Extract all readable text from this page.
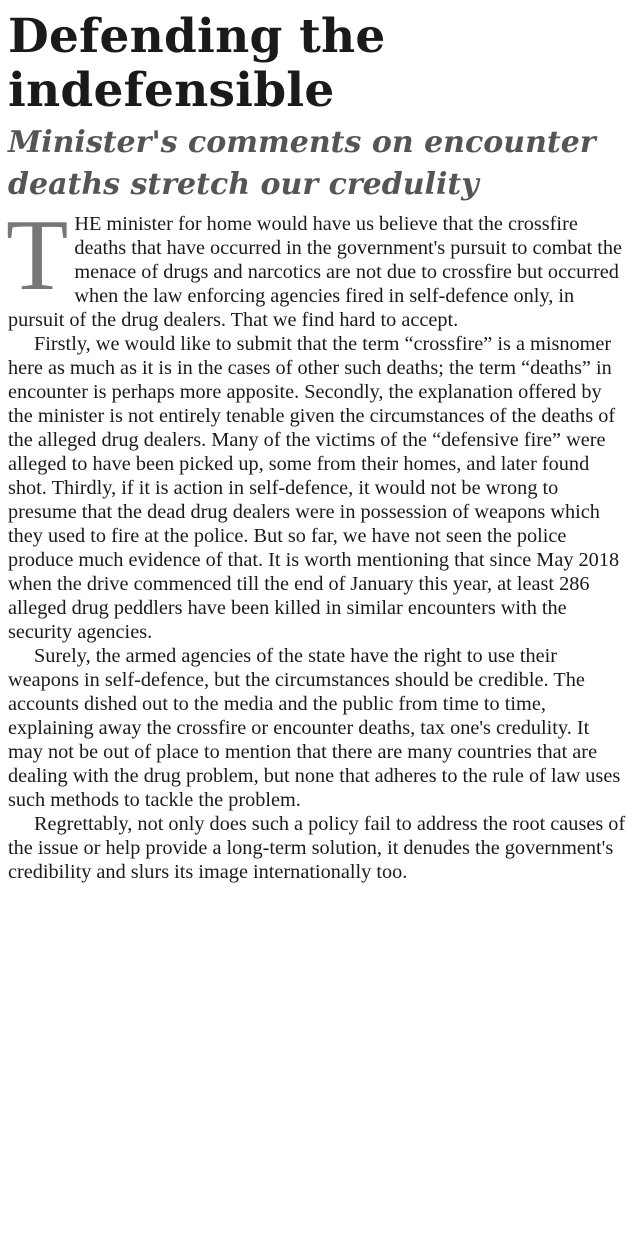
Defending the indefensible
Minister's comments on encounter deaths stretch our credulity

T HE minister for home would have us believe that the crossfire deaths that have occurred in the government's pursuit to combat the menace of drugs and narcotics are not due to crossfire but occurred when the law enforcing agencies fired in self-defence only, in pursuit of the drug dealers. That we find hard to accept.

Firstly, we would like to submit that the term “crossfire” is a misnomer here as much as it is in the cases of other such deaths; the term “deaths” in encounter is perhaps more apposite. Secondly, the explanation offered by the minister is not entirely tenable given the circumstances of the deaths of the alleged drug dealers. Many of the victims of the “defensive fire” were alleged to have been picked up, some from their homes, and later found shot. Thirdly, if it is action in self-defence, it would not be wrong to presume that the dead drug dealers were in possession of weapons which they used to fire at the police. But so far, we have not seen the police produce much evidence of that. It is worth mentioning that since May 2018 when the drive commenced till the end of January this year, at least 286 alleged drug peddlers have been killed in similar encounters with the security agencies.

Surely, the armed agencies of the state have the right to use their weapons in self-defence, but the circumstances should be credible. The accounts dished out to the media and the public from time to time, explaining away the crossfire or encounter deaths, tax one's credulity. It may not be out of place to mention that there are many countries that are dealing with the drug problem, but none that adheres to the rule of law uses such methods to tackle the problem.

Regrettably, not only does such a policy fail to address the root causes of the issue or help provide a long-term solution, it denudes the government's credibility and slurs its image internationally too.
